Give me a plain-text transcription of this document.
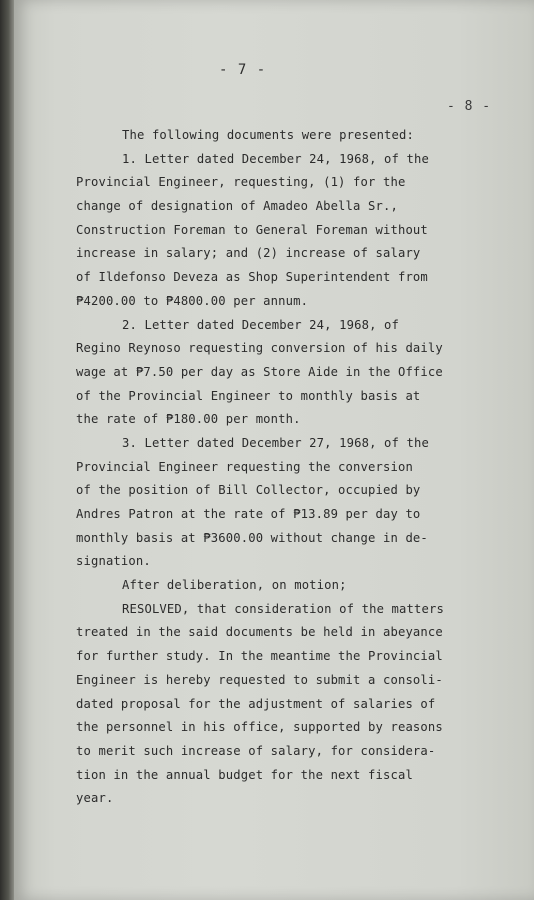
- 7 -
- 8 -
The following documents were presented:
1. Letter dated December 24, 1968, of the
Provincial Engineer, requesting, (1) for the
change of designation of Amadeo Abella Sr.,
Construction Foreman to General Foreman without
increase in salary; and (2) increase of salary
of Ildefonso Deveza as Shop Superintendent from
₱4200.00 to ₱4800.00 per annum.
2. Letter dated December 24, 1968, of
Regino Reynoso requesting conversion of his daily
wage at ₱7.50 per day as Store Aide in the Office
of the Provincial Engineer to monthly basis at
the rate of ₱180.00 per month.
3. Letter dated December 27, 1968, of the
Provincial Engineer requesting the conversion
of the position of Bill Collector, occupied by
Andres Patron at the rate of ₱13.89 per day to
monthly basis at ₱3600.00 without change in de-
signation.
After deliberation, on motion;
RESOLVED, that consideration of the matters
treated in the said documents be held in abeyance
for further study. In the meantime the Provincial
Engineer is hereby requested to submit a consoli-
dated proposal for the adjustment of salaries of
the personnel in his office, supported by reasons
to merit such increase of salary, for considera-
tion in the annual budget for the next fiscal
year.
